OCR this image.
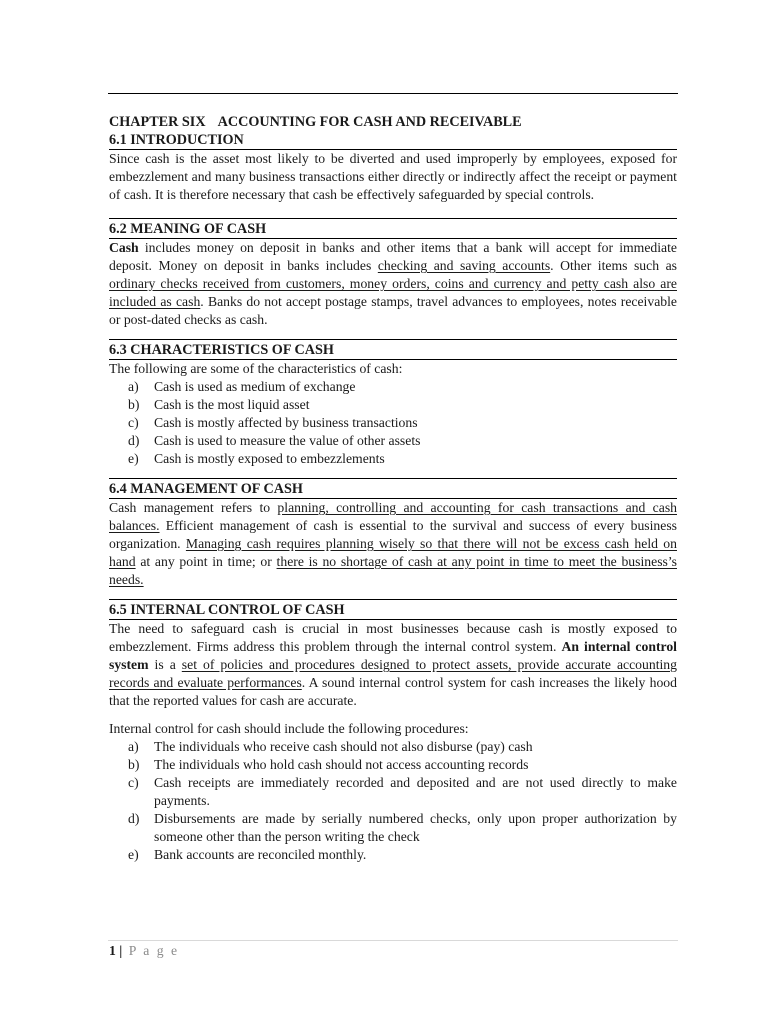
CHAPTER SIX ACCOUNTING FOR CASH AND RECEIVABLE
6.1 INTRODUCTION

Since cash is the asset most likely to be diverted and used improperly by employees, exposed for embezzlement and many business transactions either directly or indirectly affect the receipt or payment of cash. It is therefore necessary that cash be effectively safeguarded by special controls.

6.2 MEANING OF CASH

Cash includes money on deposit in banks and other items that a bank will accept for immediate deposit. Money on deposit in banks includes checking and saving accounts. Other items such as ordinary checks received from customers, money orders, coins and currency and petty cash also are included as cash. Banks do not accept postage stamps, travel advances to employees, notes receivable or post-dated checks as cash.

6.3 CHARACTERISTICS OF CASH

The following are some of the characteristics of cash:

a) Cash is used as medium of exchange
b) Cash is the most liquid asset
c) Cash is mostly affected by business transactions
d) Cash is used to measure the value of other assets
e) Cash is mostly exposed to embezzlements
6.4 MANAGEMENT OF CASH

Cash management refers to planning, controlling and accounting for cash transactions and cash balances. Efficient management of cash is essential to the survival and success of every business organization. Managing cash requires planning wisely so that there will not be excess cash held on hand at any point in time; or there is no shortage of cash at any point in time to meet the business’s needs.

6.5 INTERNAL CONTROL OF CASH

The need to safeguard cash is crucial in most businesses because cash is mostly exposed to embezzlement. Firms address this problem through the internal control system. An internal control system is a set of policies and procedures designed to protect assets, provide accurate accounting records and evaluate performances. A sound internal control system for cash increases the likely hood that the reported values for cash are accurate.

Internal control for cash should include the following procedures:

a) The individuals who receive cash should not also disburse (pay) cash
b) The individuals who hold cash should not access accounting records
c) Cash receipts are immediately recorded and deposited and are not used directly to make payments.
d) Disbursements are made by serially numbered checks, only upon proper authorization by someone other than the person writing the check
e) Bank accounts are reconciled monthly.
1 | P a g e
